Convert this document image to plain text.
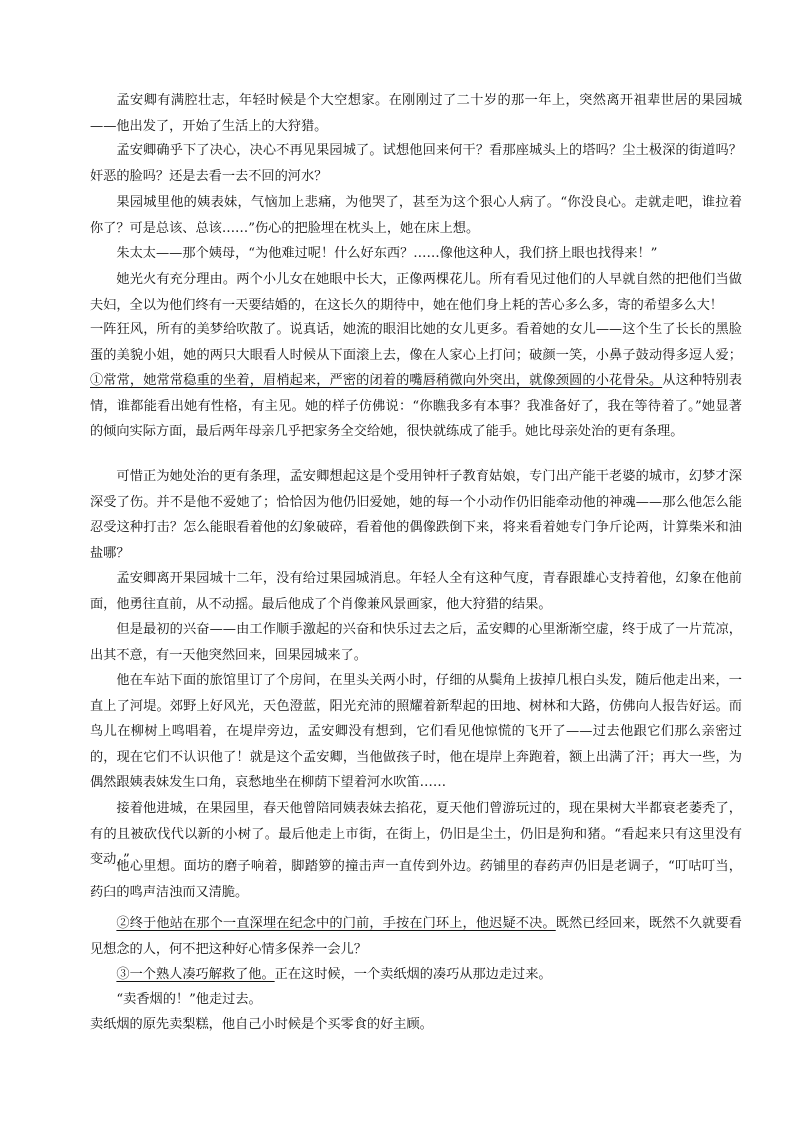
孟安卿有满腔壮志，年轻时候是个大空想家。在刚刚过了二十岁的那一年上，突然离开祖辈世居的果园城——他出发了，开始了生活上的大狩猎。

孟安卿确乎下了决心，决心不再见果园城了。试想他回来何干？看那座城头上的塔吗？尘土极深的街道吗？奸恶的脸吗？还是去看一去不回的河水？

果园城里他的姨表妹，气恼加上悲痛，为他哭了，甚至为这个狠心人病了。“你没良心。走就走吧，谁拉着你了？可是总该、总该……”伤心的把脸埋在枕头上，她在床上想。

朱太太——那个姨母，“为他难过呢！什么好东西？……像他这种人，我们挤上眼也找得来！”

她光火有充分理由。两个小儿女在她眼中长大，正像两棵花儿。所有看见过他们的人早就自然的把他们当做夫妇，全以为他们终有一天要结婚的，在这长久的期待中，她在他们身上耗的苦心多么多，寄的希望多么大！

一阵狂风，所有的美梦给吹散了。说真话，她流的眼泪比她的女儿更多。看着她的女儿——这个生了长长的黑脸蛋的美貌小姐，她的两只大眼看人时候从下面滚上去，像在人家心上打问；破颜一笑，小鼻子鼓动得多逗人爱；①常常，她常常稳重的坐着，眉梢起来，严密的闭着的嘴唇稍微向外突出，就像颈圆的小花骨朵。从这种特别表情，谁都能看出她有性格，有主见。她的样子仿佛说：“你瞧我多有本事？我准备好了，我在等待着了。”她显著的倾向实际方面，最后两年母亲几乎把家务全交给她，很快就练成了能手。她比母亲处治的更有条理。

可惜正为她处治的更有条理，孟安卿想起这是个受用钟杆子教育姑娘，专门出产能干老婆的城市，幻梦才深深受了伤。并不是他不爱她了；恰恰因为他仍旧爱她，她的每一个小动作仍旧能牵动他的神魂——那么他怎么能忍受这种打击？怎么能眼看着他的幻象破碎，看着他的偶像跌倒下来，将来看着她专门争斤论两，计算柴米和油盐哪？

孟安卿离开果园城十二年，没有给过果园城消息。年轻人全有这种气度，青春跟雄心支持着他，幻象在他前面，他勇往直前，从不动摇。最后他成了个肖像兼风景画家，他大狩猎的结果。

但是最初的兴奋——由工作顺手激起的兴奋和快乐过去之后，孟安卿的心里渐渐空虚，终于成了一片荒凉，出其不意，有一天他突然回来，回果园城来了。

他在车站下面的旅馆里订了个房间，在里头关两小时，仔细的从鬓角上拔掉几根白头发，随后他走出来，一直上了河堤。郊野上好风光，天色澄蓝，阳光充沛的照耀着新犁起的田地、树林和大路，仿佛向人报告好运。而鸟儿在柳树上鸣唱着，在堤岸旁边，孟安卿没有想到，它们看见他惊慌的飞开了——过去他跟它们那么亲密过的，现在它们不认识他了！就是这个孟安卿，当他做孩子时，他在堤岸上奔跑着，额上出满了汗；再大一些，为偶然跟姨表妹发生口角，哀愁地坐在柳荫下望着河水吹笛……

接着他进城，在果园里，春天他曾陪同姨表妹去掐花，夏天他们曾游玩过的，现在果树大半都衰老萎秃了，有的且被砍伐代以新的小树了。最后他走上市街，在街上，仍旧是尘土，仍旧是狗和猪。“看起来只有这里没有变动，”

他心里想。面坊的磨子响着，脚踏箩的撞击声一直传到外边。药铺里的春药声仍旧是老调子，“叮咕叮当，药臼的鸣声洁浊而又清脆。

②终于他站在那个一直深埋在纪念中的门前，手按在门环上，他迟疑不决。既然已经回来，既然不久就要看见想念的人，何不把这种好心情多保养一会儿？

③一个熟人凑巧解救了他。正在这时候，一个卖纸烟的凑巧从那边走过来。

“卖香烟的！”他走过去。

卖纸烟的原先卖梨糕，他自己小时候是个买零食的好主顾。
